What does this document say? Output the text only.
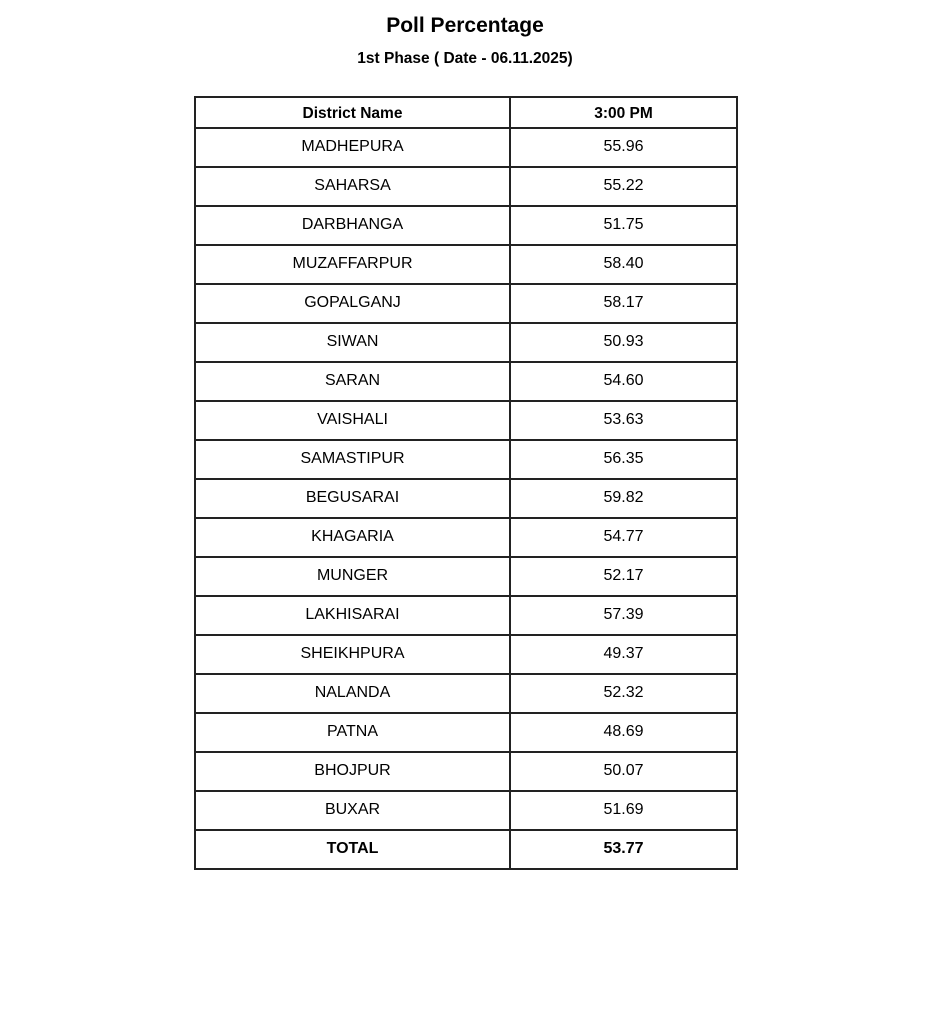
Poll Percentage
1st Phase ( Date - 06.11.2025)
District Name	3:00 PM
MADHEPURA	55.96
SAHARSA	55.22
DARBHANGA	51.75
MUZAFFARPUR	58.40
GOPALGANJ	58.17
SIWAN	50.93
SARAN	54.60
VAISHALI	53.63
SAMASTIPUR	56.35
BEGUSARAI	59.82
KHAGARIA	54.77
MUNGER	52.17
LAKHISARAI	57.39
SHEIKHPURA	49.37
NALANDA	52.32
PATNA	48.69
BHOJPUR	50.07
BUXAR	51.69
TOTAL	53.77
